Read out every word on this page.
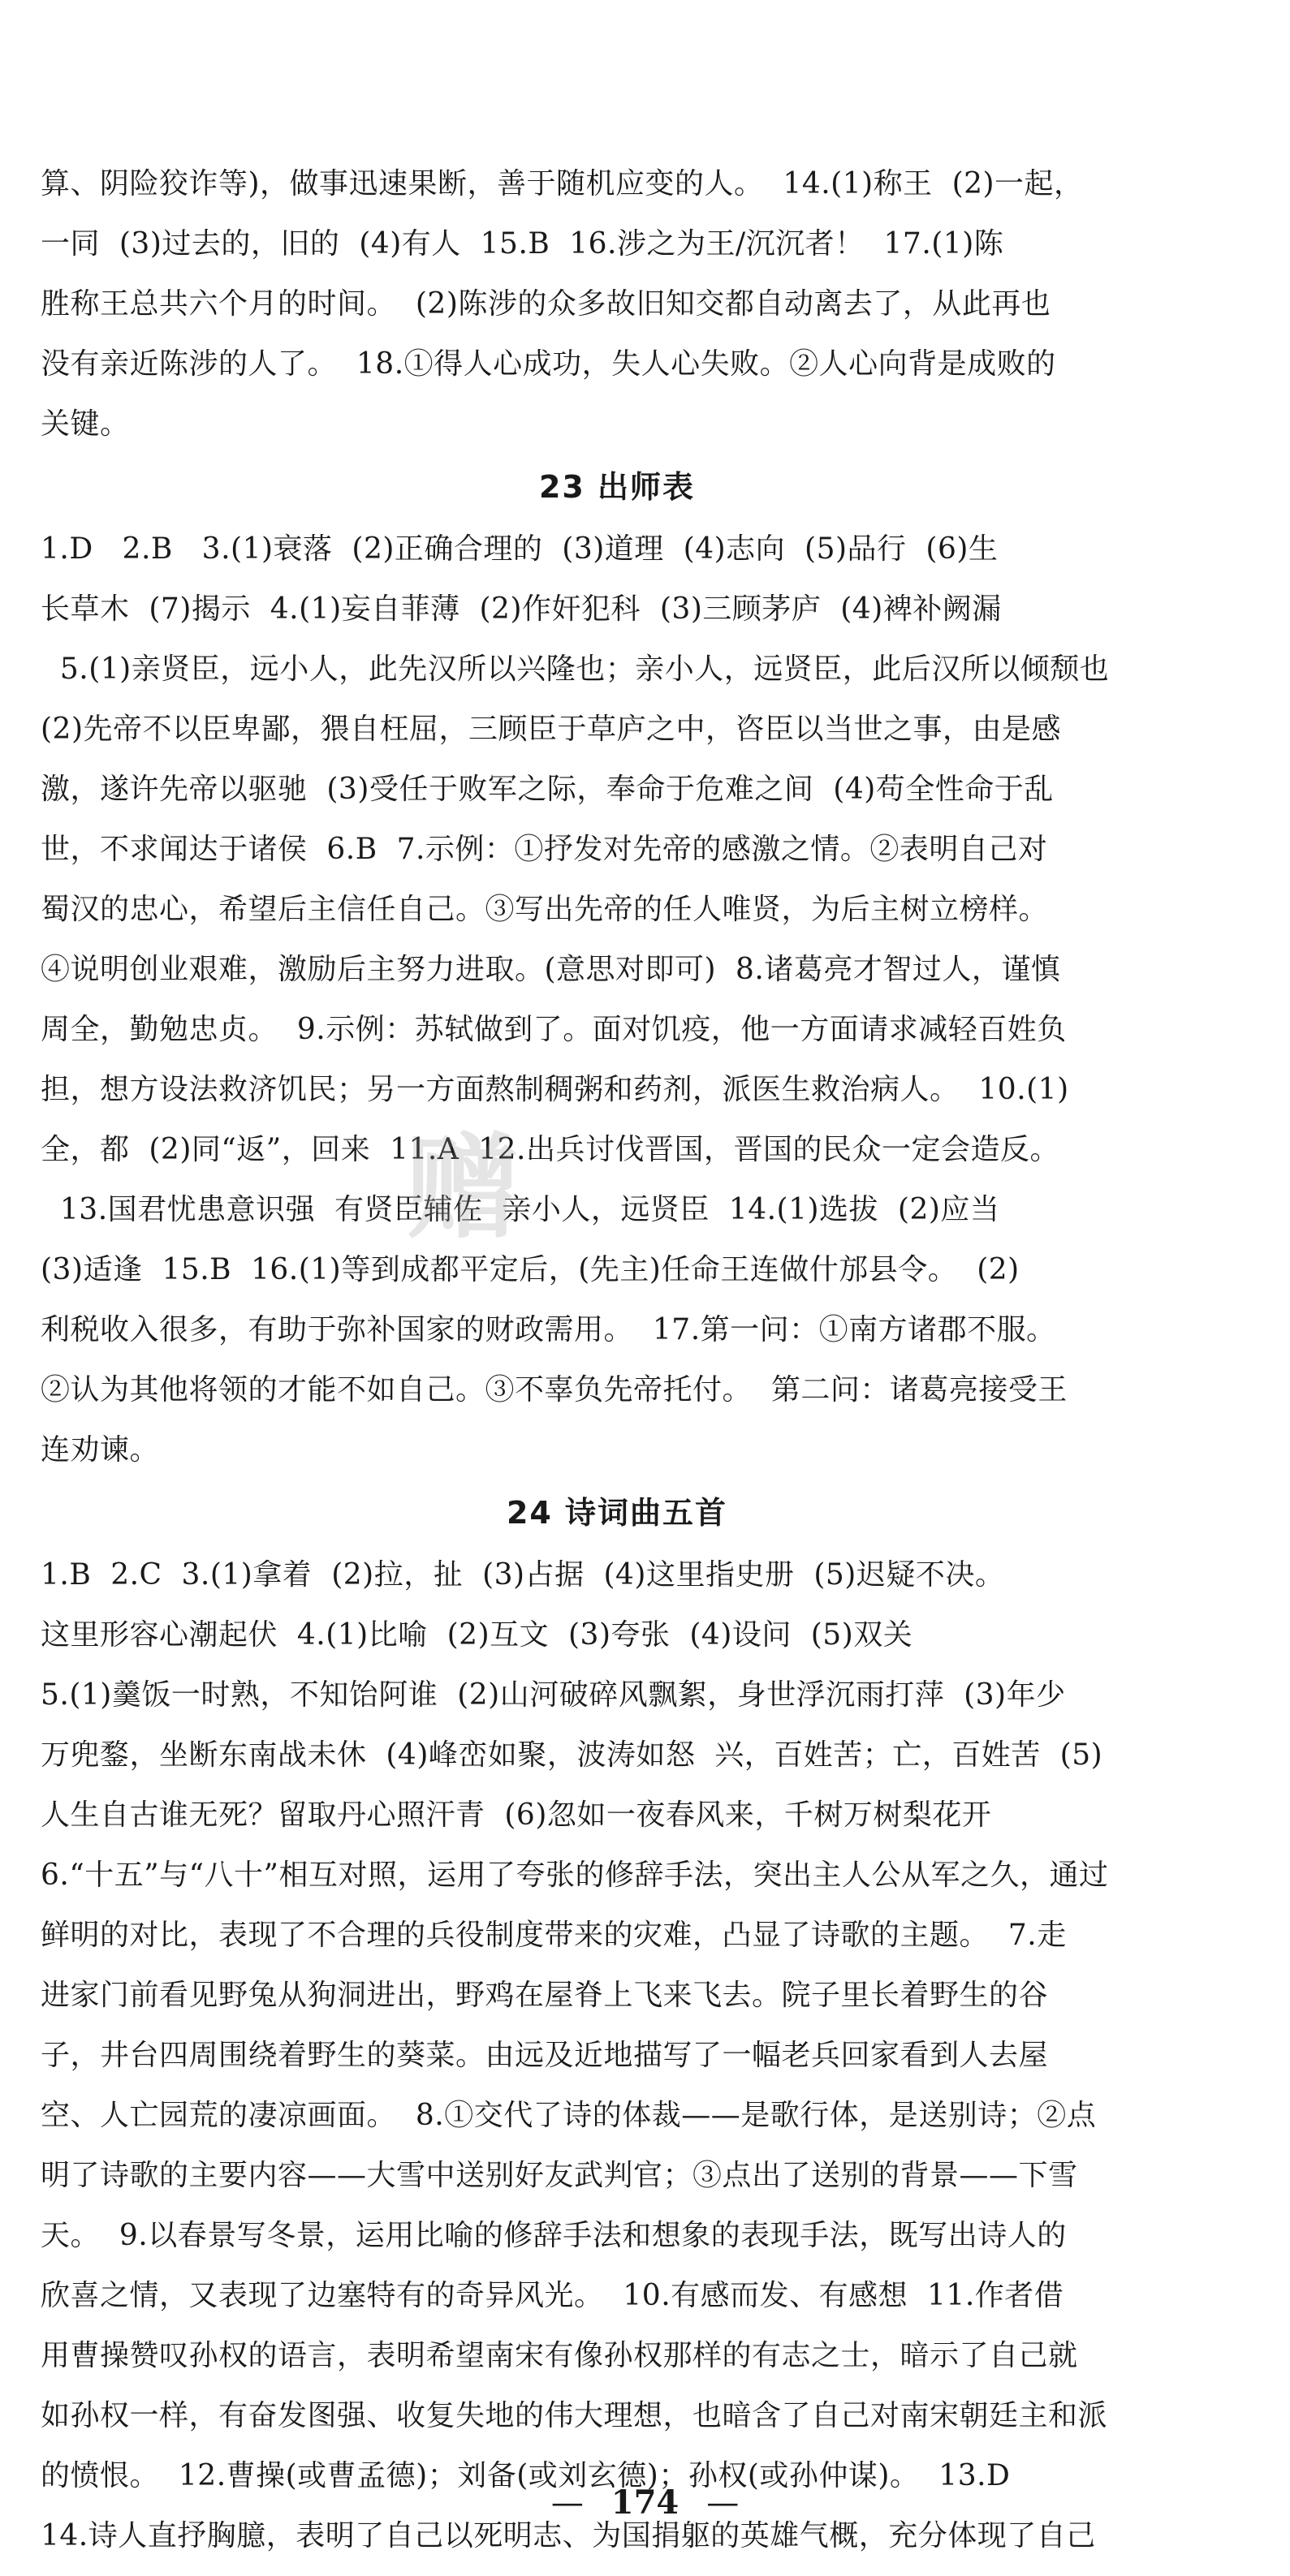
算、阴险狡诈等)，做事迅速果断，善于随机应变的人。  14.(1)称王  (2)一起，
一同  (3)过去的，旧的  (4)有人  15.B  16.涉之为王/沉沉者！  17.(1)陈
胜称王总共六个月的时间。  (2)陈涉的众多故旧知交都自动离去了，从此再也
没有亲近陈涉的人了。  18.①得人心成功，失人心失败。②人心向背是成败的
关键。
23 出师表
1.D   2.B   3.(1)衰落  (2)正确合理的  (3)道理  (4)志向  (5)品行  (6)生
长草木  (7)揭示  4.(1)妄自菲薄  (2)作奸犯科  (3)三顾茅庐  (4)裨补阙漏
5.(1)亲贤臣，远小人，此先汉所以兴隆也；亲小人，远贤臣，此后汉所以倾颓也
(2)先帝不以臣卑鄙，猥自枉屈，三顾臣于草庐之中，咨臣以当世之事，由是感
激，遂许先帝以驱驰  (3)受任于败军之际，奉命于危难之间  (4)苟全性命于乱
世，不求闻达于诸侯  6.B  7.示例：①抒发对先帝的感激之情。②表明自己对
蜀汉的忠心，希望后主信任自己。③写出先帝的任人唯贤，为后主树立榜样。
④说明创业艰难，激励后主努力进取。(意思对即可)  8.诸葛亮才智过人，谨慎
周全，勤勉忠贞。  9.示例：苏轼做到了。面对饥疫，他一方面请求减轻百姓负
担，想方设法救济饥民；另一方面熬制稠粥和药剂，派医生救治病人。  10.(1)
全，都  (2)同“返”，回来  11.A  12.出兵讨伐晋国，晋国的民众一定会造反。
13.国君忧患意识强  有贤臣辅佐  亲小人，远贤臣  14.(1)选拔  (2)应当
(3)适逢  15.B  16.(1)等到成都平定后，(先主)任命王连做什邡县令。  (2)
利税收入很多，有助于弥补国家的财政需用。  17.第一问：①南方诸郡不服。
②认为其他将领的才能不如自己。③不辜负先帝托付。  第二问：诸葛亮接受王
连劝谏。
24 诗词曲五首
1.B  2.C  3.(1)拿着  (2)拉，扯  (3)占据  (4)这里指史册  (5)迟疑不决。
这里形容心潮起伏  4.(1)比喻  (2)互文  (3)夸张  (4)设问  (5)双关
5.(1)羹饭一时熟，不知饴阿谁  (2)山河破碎风飘絮，身世浮沉雨打萍  (3)年少
万兜鍪，坐断东南战未休  (4)峰峦如聚，波涛如怒  兴，百姓苦；亡，百姓苦  (5)
人生自古谁无死？留取丹心照汗青  (6)忽如一夜春风来，千树万树梨花开
6.“十五”与“八十”相互对照，运用了夸张的修辞手法，突出主人公从军之久，通过
鲜明的对比，表现了不合理的兵役制度带来的灾难，凸显了诗歌的主题。  7.走
进家门前看见野兔从狗洞进出，野鸡在屋脊上飞来飞去。院子里长着野生的谷
子，井台四周围绕着野生的葵菜。由远及近地描写了一幅老兵回家看到人去屋
空、人亡园荒的凄凉画面。  8.①交代了诗的体裁——是歌行体，是送别诗；②点
明了诗歌的主要内容——大雪中送别好友武判官；③点出了送别的背景——下雪
天。  9.以春景写冬景，运用比喻的修辞手法和想象的表现手法，既写出诗人的
欣喜之情，又表现了边塞特有的奇异风光。  10.有感而发、有感想  11.作者借
用曹操赞叹孙权的语言，表明希望南宋有像孙权那样的有志之士，暗示了自己就
如孙权一样，有奋发图强、收复失地的伟大理想，也暗含了自己对南宋朝廷主和派
的愤恨。  12.曹操(或曹孟德)；刘备(或刘玄德)；孙权(或孙仲谋)。  13.D
14.诗人直抒胸臆，表明了自己以死明志、为国捐躯的英雄气概，充分体现了自己
赠
— 174 —
